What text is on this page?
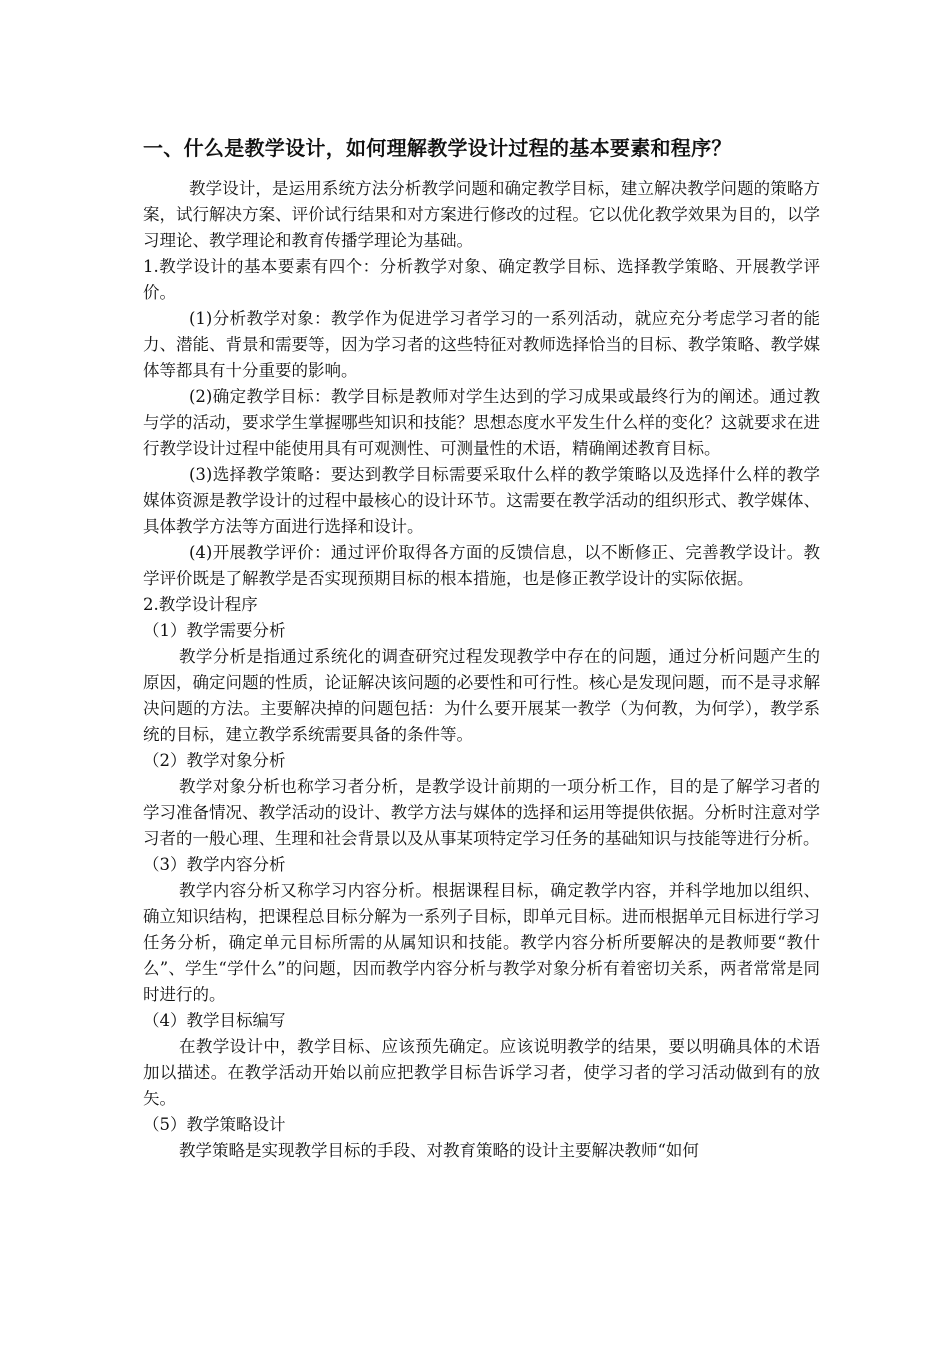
一、什么是教学设计，如何理解教学设计过程的基本要素和程序？

教学设计，是运用系统方法分析教学问题和确定教学目标，建立解决教学问题的策略方案，试行解决方案、评价试行结果和对方案进行修改的过程。它以优化教学效果为目的，以学习理论、教学理论和教育传播学理论为基础。

1.教学设计的基本要素有四个：分析教学对象、确定教学目标、选择教学策略、开展教学评价。

(1)分析教学对象：教学作为促进学习者学习的一系列活动，就应充分考虑学习者的能力、潜能、背景和需要等，因为学习者的这些特征对教师选择恰当的目标、教学策略、教学媒体等都具有十分重要的影响。

(2)确定教学目标：教学目标是教师对学生达到的学习成果或最终行为的阐述。通过教与学的活动，要求学生掌握哪些知识和技能？思想态度水平发生什么样的变化？这就要求在进行教学设计过程中能使用具有可观测性、可测量性的术语，精确阐述教育目标。

(3)选择教学策略：要达到教学目标需要采取什么样的教学策略以及选择什么样的教学媒体资源是教学设计的过程中最核心的设计环节。这需要在教学活动的组织形式、教学媒体、具体教学方法等方面进行选择和设计。

(4)开展教学评价：通过评价取得各方面的反馈信息，以不断修正、完善教学设计。教学评价既是了解教学是否实现预期目标的根本措施，也是修正教学设计的实际依据。

2.教学设计程序

（1）教学需要分析

教学分析是指通过系统化的调查研究过程发现教学中存在的问题，通过分析问题产生的原因，确定问题的性质，论证解决该问题的必要性和可行性。核心是发现问题，而不是寻求解决问题的方法。主要解决掉的问题包括：为什么要开展某一教学（为何教，为何学），教学系统的目标，建立教学系统需要具备的条件等。

（2）教学对象分析

教学对象分析也称学习者分析，是教学设计前期的一项分析工作，目的是了解学习者的学习准备情况、教学活动的设计、教学方法与媒体的选择和运用等提供依据。分析时注意对学习者的一般心理、生理和社会背景以及从事某项特定学习任务的基础知识与技能等进行分析。

（3）教学内容分析

教学内容分析又称学习内容分析。根据课程目标，确定教学内容，并科学地加以组织、确立知识结构，把课程总目标分解为一系列子目标，即单元目标。进而根据单元目标进行学习任务分析，确定单元目标所需的从属知识和技能。教学内容分析所要解决的是教师要“教什么”、学生“学什么”的问题，因而教学内容分析与教学对象分析有着密切关系，两者常常是同时进行的。

（4）教学目标编写

在教学设计中，教学目标、应该预先确定。应该说明教学的结果，要以明确具体的术语加以描述。在教学活动开始以前应把教学目标告诉学习者，使学习者的学习活动做到有的放矢。

（5）教学策略设计

教学策略是实现教学目标的手段、对教育策略的设计主要解决教师“如何
